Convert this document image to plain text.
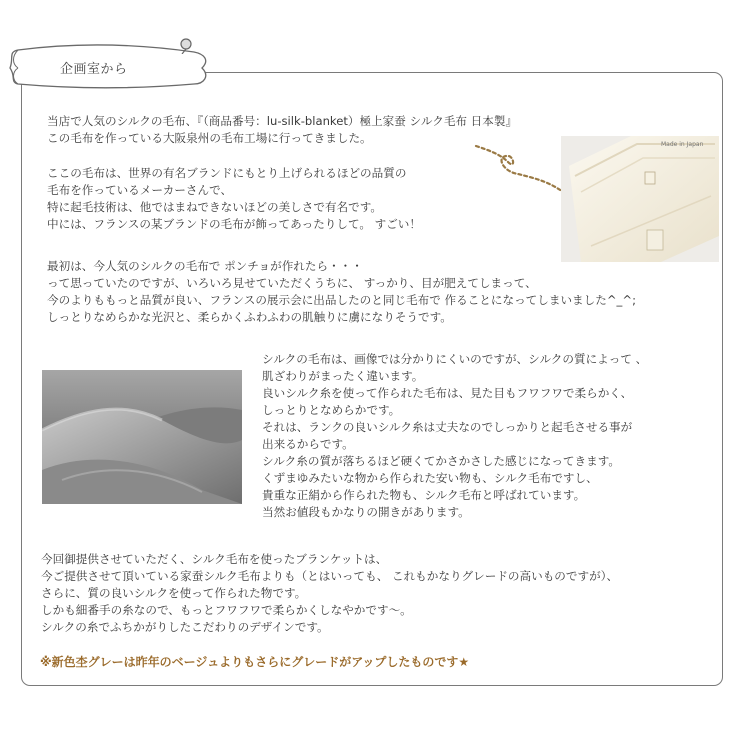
企画室から
当店で人気のシルクの毛布、『（商品番号：lu-silk-blanket）極上家蚕 シルク毛布 日本製』
この毛布を作っている大阪泉州の毛布工場に行ってきました。
ここの毛布は、世界の有名ブランドにもとり上げられるほどの品質の
毛布を作っているメーカーさんで、
特に起毛技術は、他ではまねできないほどの美しさで有名です。
中には、フランスの某ブランドの毛布が飾ってあったりして。 すごい！
最初は、今人気のシルクの毛布で ポンチョが作れたら・・・
って思っていたのですが、いろいろ見せていただくうちに、 すっかり、目が肥えてしまって、
今のよりももっと品質が良い、フランスの展示会に出品したのと同じ毛布で 作ることになってしまいました^_^;
しっとりなめらかな光沢と、柔らかくふわふわの肌触りに虜になりそうです。
シルクの毛布は、画像では分かりにくいのですが、シルクの質によって 、
肌ざわりがまったく違います。
良いシルク糸を使って作られた毛布は、見た目もフワフワで柔らかく、
しっとりとなめらかです。
それは、ランクの良いシルク糸は丈夫なのでしっかりと起毛させる事が
出来るからです。
シルク糸の質が落ちるほど硬くてかさかさした感じになってきます。
くずまゆみたいな物から作られた安い物も、シルク毛布ですし、
貴重な正絹から作られた物も、シルク毛布と呼ばれています。
当然お値段もかなりの開きがあります。
今回御提供させていただく、シルク毛布を使ったブランケットは、
今ご提供させて頂いている家蚕シルク毛布よりも（とはいっても、 これもかなりグレードの高いものですが）、
さらに、質の良いシルクを使って作られた物です。
しかも細番手の糸なので、もっとフワフワで柔らかくしなやかです〜。
シルクの糸でふちかがりしたこだわりのデザインです。
※新色杢グレーは昨年のベージュよりもさらにグレードがアップしたものです★
Made in Japan
